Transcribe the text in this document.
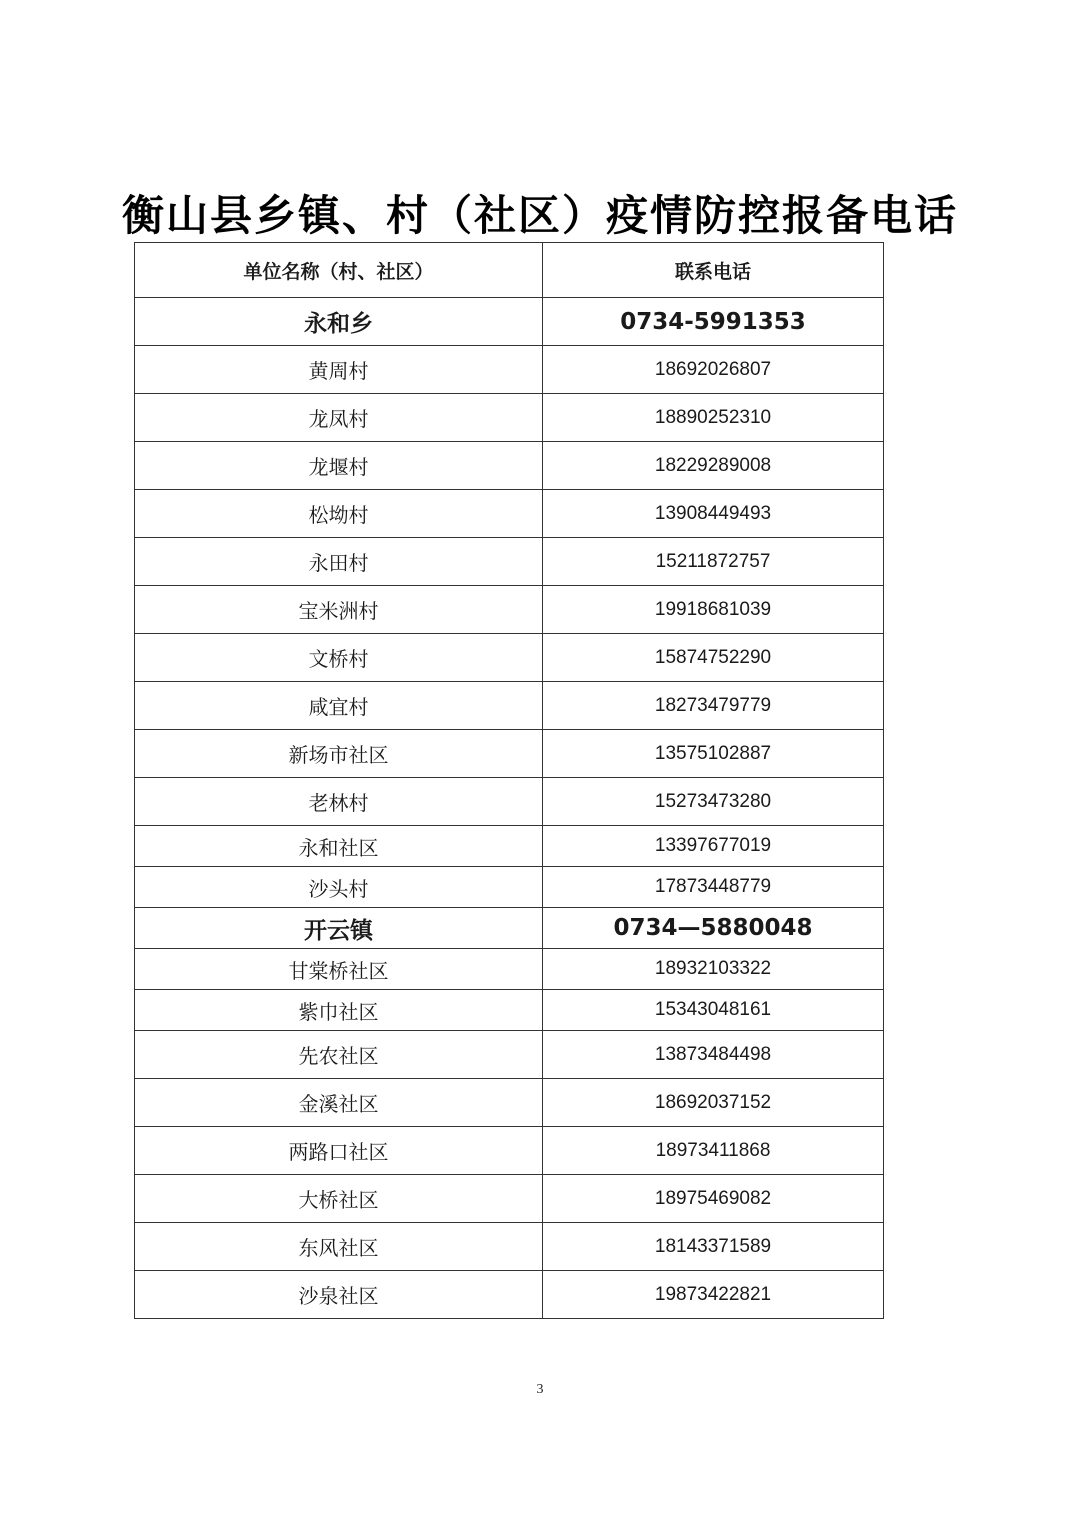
衡山县乡镇、村（社区）疫情防控报备电话
单位名称（村、社区）	联系电话
永和乡	0734-5991353
黄周村	18692026807
龙凤村	18890252310
龙堰村	18229289008
松坳村	13908449493
永田村	15211872757
宝米洲村	19918681039
文桥村	15874752290
咸宜村	18273479779
新场市社区	13575102887
老林村	15273473280
永和社区	13397677019
沙头村	17873448779
开云镇	0734—5880048
甘棠桥社区	18932103322
紫巾社区	15343048161
先农社区	13873484498
金溪社区	18692037152
两路口社区	18973411868
大桥社区	18975469082
东风社区	18143371589
沙泉社区	19873422821
3
